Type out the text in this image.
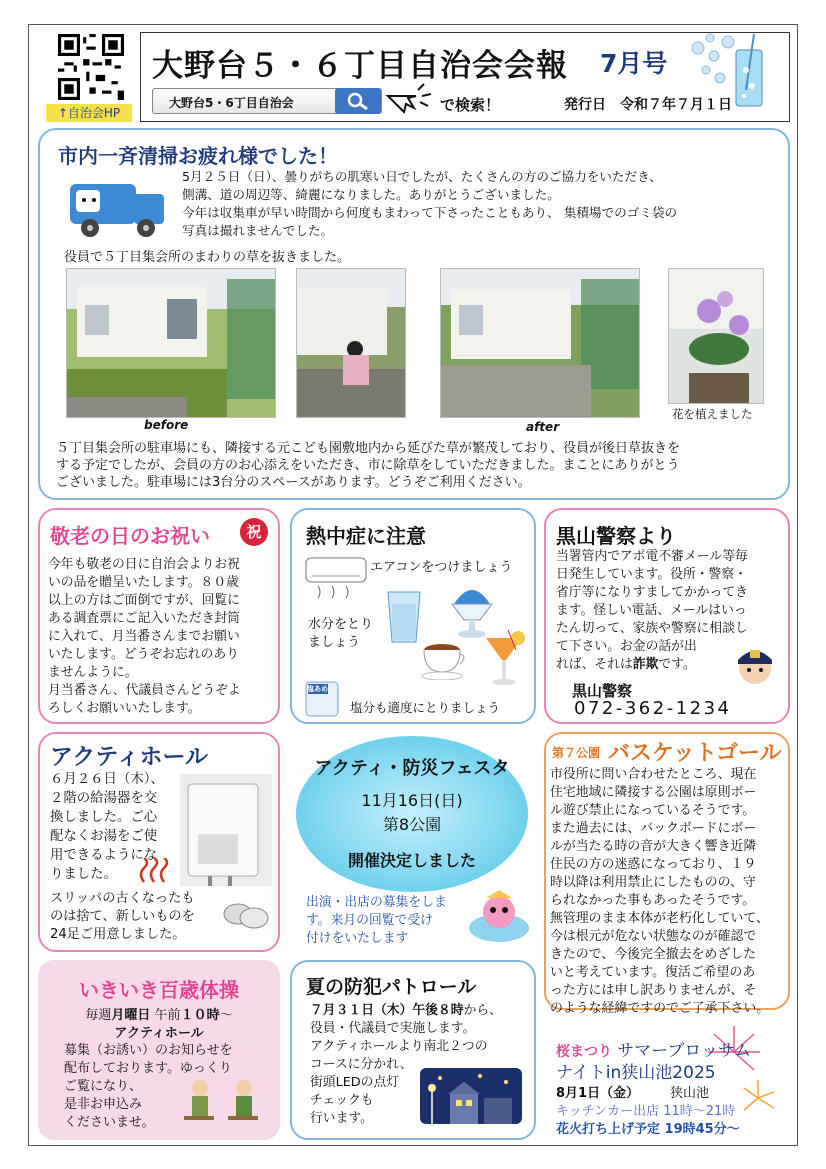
↑自治会HP
大野台５・６丁目自治会会報 7月号
大野台5・6丁目自治会	で検索！	発行日　令和７年７月１日
市内一斉清掃お疲れ様でした！

5月２５日（日）、曇りがちの肌寒い日でしたが、たくさんの方のご協力をいただき、
側溝、道の周辺等、綺麗になりました。ありがとうございました。
今年は収集車が早い時間から何度もまわって下さったこともあり、 集積場でのゴミ袋の
写真は撮れませんでした。

役員で５丁目集会所のまわりの草を抜きました。
before	after
花を植えました

５丁目集会所の駐車場にも、隣接する元こども園敷地内から延びた草が繁茂しており、役員が後日草抜きを
する予定でしたが、会員の方のお心添えをいただき、市に除草をしていただきました。まことにありがとう
ございました。駐車場には3台分のスペースがあります。どうぞご利用ください。

敬老の日のお祝い	祝

今年も敬老の日に自治会よりお祝
いの品を贈呈いたします。８０歳
以上の方はご面倒ですが、回覧に
ある調査票にご記入いただき封筒
に入れて、月当番さんまでお願い
いたします。どうぞお忘れのあり
ませんように。
月当番さん、代議員さんどうぞよ
ろしくお願いいたします。

熱中症に注意
エアコンをつけましょう

水分をとり
ましょう

塩あめ
塩分も適度にとりましょう
黒山警察より

当署管内でアポ電不審メール等毎
日発生しています。役所・警察・
省庁等になりすましてかかってき
ます。怪しい電話、メールはいっ
たん切って、家族や警察に相談し
て下さい。お金の話が出
れば、それは詐欺です。

黒山警察
072-362-1234
アクティホール

６月２６日（木）、
２階の給湯器を交
換しました。ご心
配なくお湯をご使
用できるようにな
りました。

スリッパの古くなったも
のは捨て、新しいものを
24足ご用意しました。

アクティ・防災フェスタ
11月16日(日)
第8公園
開催決定しました

出演・出店の募集をしま
す。来月の回覧で受け
付けをいたします

第７公園 バスケットゴール

市役所に問い合わせたところ、現在
住宅地域に隣接する公園は原則ボー
ル遊び禁止になっているそうです。
また過去には、バックボードにボー
ルが当たる時の音が大きく響き近隣
住民の方の迷惑になっており、１９
時以降は利用禁止にしたものの、守
られなかった事もあったそうです。
無管理のまま本体が老朽化していて、
今は根元が危ない状態なのが確認で
きたので、今後完全撤去をめざした
いと考えています。復活ご希望のあ
った方には申し訳ありませんが、そ
のような経緯ですのでご了承下さい。

いきいき百歳体操
毎週月曜日 午前１０時～
アクティホール

募集（お誘い）のお知らせを
配布しております。ゆっくり
ご覧になり、
是非お申込み
くださいませ。

夏の防犯パトロール

７月３１日（木）午後８時から、
役員・代議員で実施します。
アクティホールより南北２つの
コースに分かれ、
街頭LEDの点灯
チェックも
行います。

桜まつり サマーブロッサム
ナイトin狭山池2025
8月1日（金） 狭山池
キッチンカー出店 11時～21時
花火打ち上げ予定 19時45分～
